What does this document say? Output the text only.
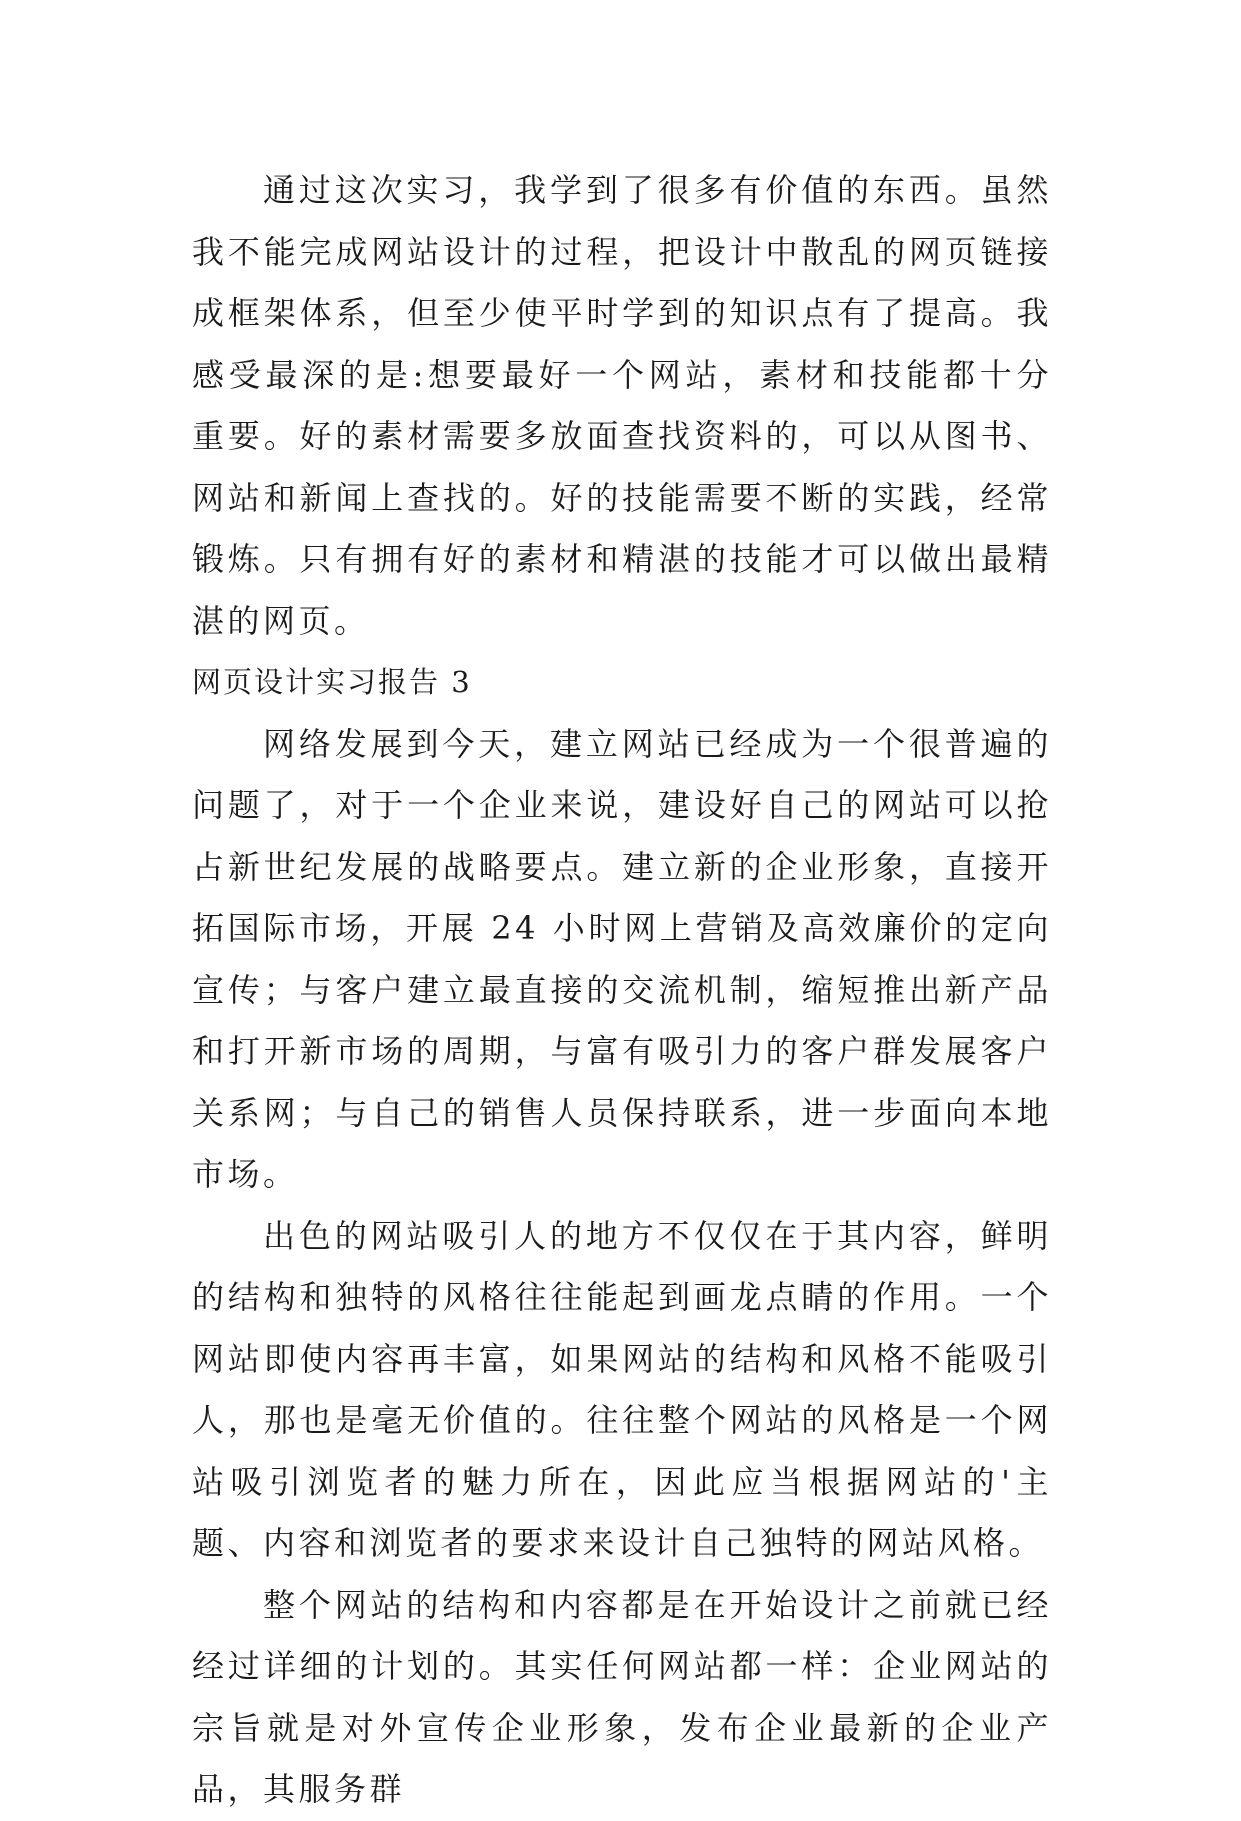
通过这次实习，我学到了很多有价值的东西。虽然我不能完成网站设计的过程，把设计中散乱的网页链接成框架体系，但至少使平时学到的知识点有了提高。我感受最深的是:想要最好一个网站，素材和技能都十分重要。好的素材需要多放面查找资料的，可以从图书、网站和新闻上查找的。好的技能需要不断的实践，经常锻炼。只有拥有好的素材和精湛的技能才可以做出最精湛的网页。

网页设计实习报告 3

网络发展到今天，建立网站已经成为一个很普遍的问题了，对于一个企业来说，建设好自己的网站可以抢占新世纪发展的战略要点。建立新的企业形象，直接开拓国际市场，开展 24 小时网上营销及高效廉价的定向宣传；与客户建立最直接的交流机制，缩短推出新产品和打开新市场的周期，与富有吸引力的客户群发展客户关系网；与自己的销售人员保持联系，进一步面向本地市场。

出色的网站吸引人的地方不仅仅在于其内容，鲜明的结构和独特的风格往往能起到画龙点睛的作用。一个网站即使内容再丰富，如果网站的结构和风格不能吸引人，那也是毫无价值的。往往整个网站的风格是一个网站吸引浏览者的魅力所在，因此应当根据网站的'主题、内容和浏览者的要求来设计自己独特的网站风格。

整个网站的结构和内容都是在开始设计之前就已经经过详细的计划的。其实任何网站都一样：企业网站的宗旨就是对外宣传企业形象，发布企业最新的企业产品，其服务群
